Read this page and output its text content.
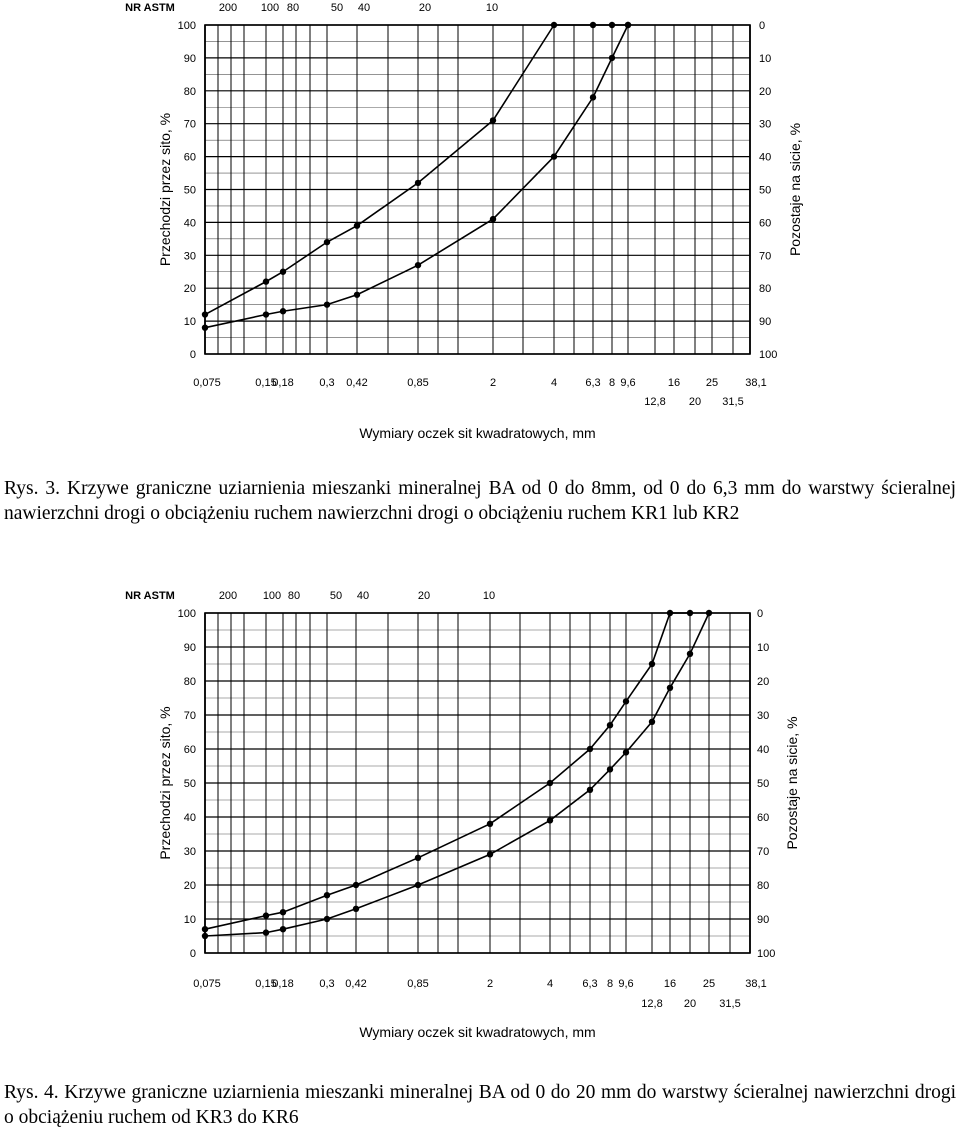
NR ASTM	200 100 80	50 40	20	10
0
10
20
30
40
50
60
70
80
90
100
100
90
80
70
60
50
40
30
20
10
0
0,075	0,15
0,18 0,3 0,42	0,85	2	4	6,3 8 9,6	16 25 38,1
12,8 20 31,5
Wymiary oczek sit kwadratowych, mm
Przechodzi przez sito, %	Pozostaje na sicie, %

Rys. 3. Krzywe graniczne uziarnienia mieszanki mineralnej BA od 0 do 8mm, od 0 do 6,3 mm do warstwy ścieralnej nawierzchni drogi o obciążeniu ruchem nawierzchni drogi o obciążeniu ruchem KR1 lub KR2

NR ASTM	200 100 80	50 40	20	10
0
10
20
30
40
50
60
70
80
90
100
100
90
80
70
60
50
40
30
20
10
0
0,075	0,15
0,18 0,3 0,42	0,85	2	4	6,3 8 9,6	16 25	38,1
12,8 20 31,5
Wymiary oczek sit kwadratowych, mm
Przechodzi przez sito, %	Pozostaje na sicie, %

Rys. 4. Krzywe graniczne uziarnienia mieszanki mineralnej BA od 0 do 20 mm do warstwy ścieralnej nawierzchni drogi o obciążeniu ruchem od KR3 do KR6
